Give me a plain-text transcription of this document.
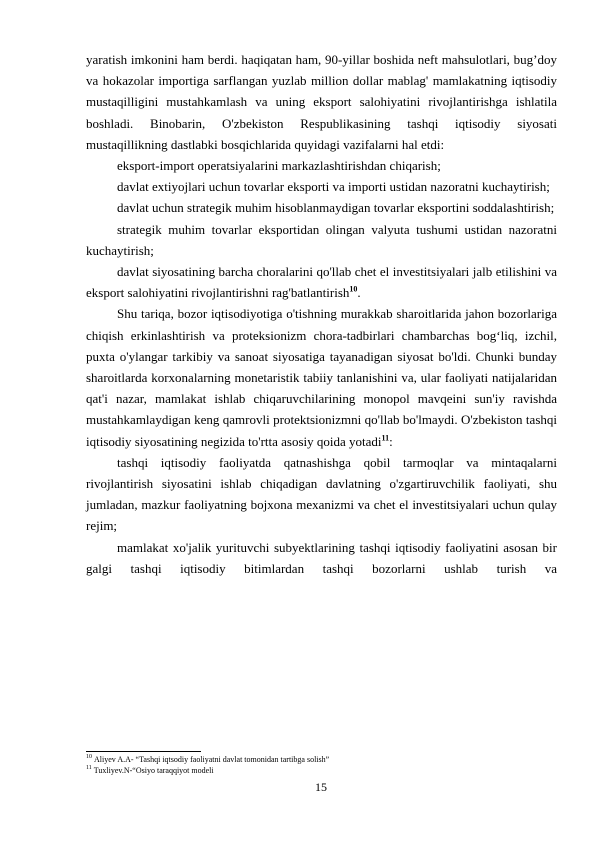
yaratish imkonini ham berdi. haqiqatan ham, 90-yillar boshida neft mahsulotlari, bug’doy va hokazolar importiga sarflangan yuzlab million dollar mablag' mamlakatning iqtisodiy mustaqilligini mustahkamlash va uning eksport salohiyatini rivojlantirishga ishlatila boshladi. Binobarin, O'zbekiston Respublikasining tashqi iqtisodiy siyosati mustaqillikning dastlabki bosqichlarida quyidagi vazifalarni hal etdi:

eksport-import operatsiyalarini markazlashtirishdan chiqarish;

davlat extiyojlari uchun tovarlar eksporti va importi ustidan nazoratni kuchaytirish;

davlat uchun strategik muhim hisoblanmaydigan tovarlar eksportini soddalashtirish;

strategik muhim tovarlar eksportidan olingan valyuta tushumi ustidan nazoratni kuchaytirish;

davlat siyosatining barcha choralarini qo'llab chet el investitsiyalari jalb etilishini va eksport salohiyatini rivojlantirishni rag'batlantirish$^{10}$.

Shu tariqa, bozor iqtisodiyotiga o'tishning murakkab sharoitlarida jahon bozorlariga chiqish erkinlashtirish va proteksionizm chora-tadbirlari chambarchas bog‘liq, izchil, puxta o'ylangar tarkibiy va sanoat siyosatiga tayanadigan siyosat bo'ldi. Chunki bunday sharoitlarda korxonalarning monetaristik tabiiy tanlanishini va, ular faoliyati natijalaridan qat'i nazar, mamlakat ishlab chiqaruvchilarining monopol mavqeini sun'iy ravishda mustahkamlaydigan keng qamrovli protektsionizmni qo'llab bo'lmaydi. O'zbekiston tashqi iqtisodiy siyosatining negizida to'rtta asosiy qoida yotadi$^{11}$:

tashqi iqtisodiy faoliyatda qatnashishga qobil tarmoqlar va mintaqalarni rivojlantirish siyosatini ishlab chiqadigan davlatning o'zgartiruvchilik faoliyati, shu jumladan, mazkur faoliyatning bojxona mexanizmi va chet el investitsiyalari uchun qulay rejim;

mamlakat xo'jalik yurituvchi subyektlarining tashqi iqtisodiy faoliyatini asosan bir galgi tashqi iqtisodiy bitimlardan tashqi bozorlarni ushlab turish va

$^{10}$ Aliyev A.A- “Tashqi iqtsodiy faoliyatni davlat tomonidan tartibga solish”
$^{11}$ Tuxliyev.N-“Osiyo taraqqiyot modeli
15
